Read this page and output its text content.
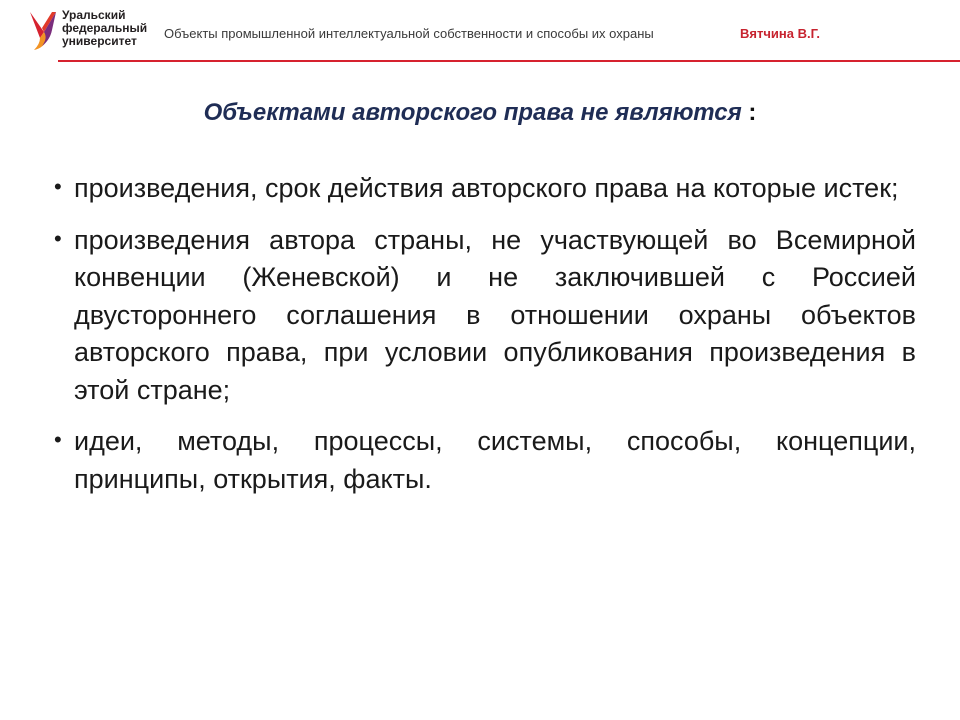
Уральский
федеральный
университет	Объекты промышленной интеллектуальной собственности и способы их охраны	Вятчина В.Г.
Объектами авторского права не являются :
• произведения, срок действия авторского права на которые истек;
• произведения автора страны, не участвующей во Всемирной конвенции (Женевской) и не заключившей с Россией двустороннего соглашения в отношении охраны объектов авторского права, при условии опубликования произведения в этой стране;
• идеи, методы, процессы, системы, способы, концепции, принципы, открытия, факты.
